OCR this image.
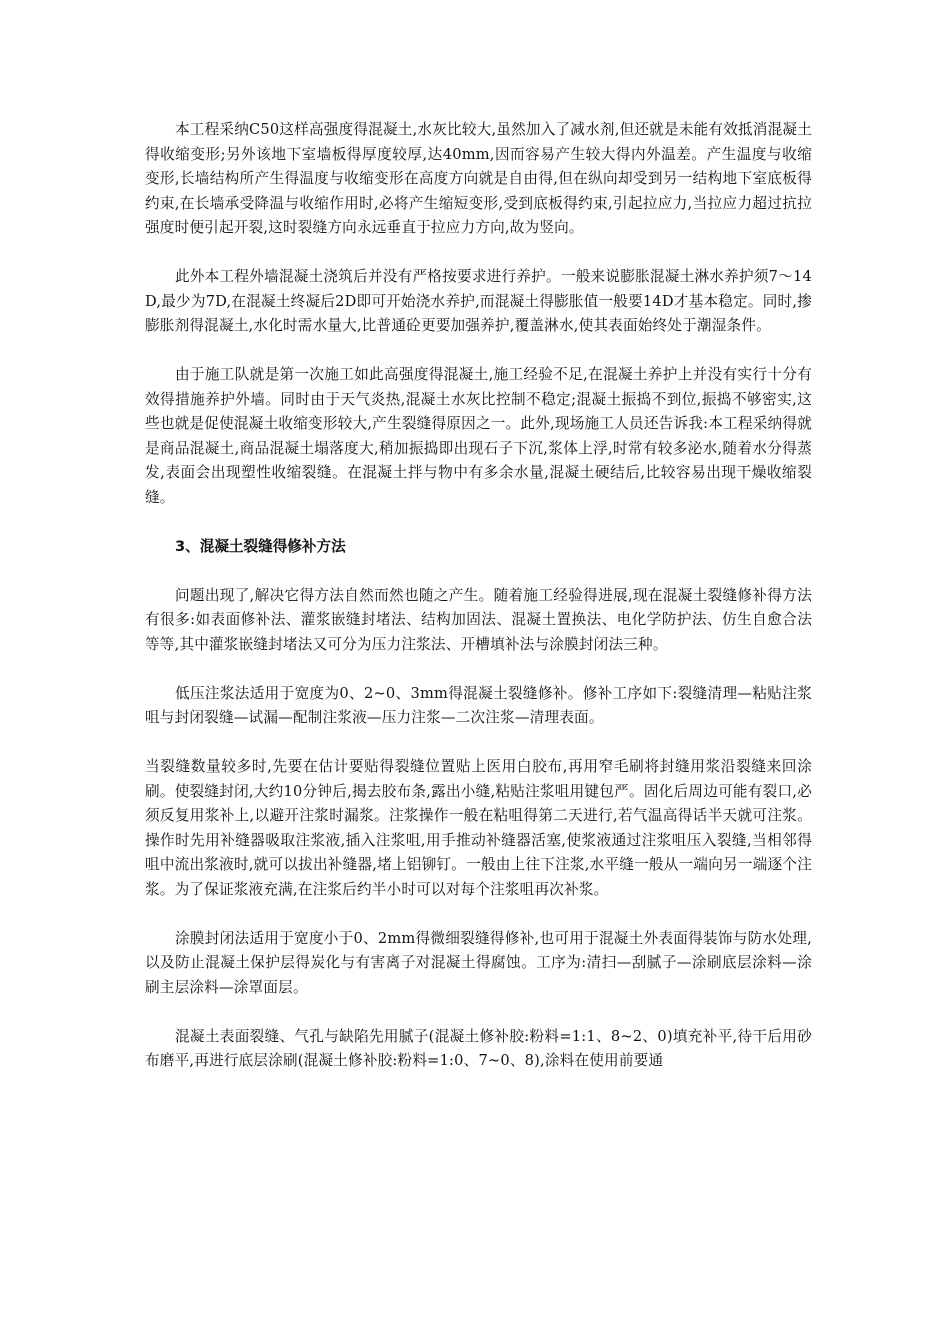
本工程采纳C50这样高强度得混凝土,水灰比较大,虽然加入了减水剂,但还就是未能有效抵消混凝土得收缩变形;另外该地下室墙板得厚度较厚,达40mm,因而容易产生较大得内外温差。产生温度与收缩变形,长墙结构所产生得温度与收缩变形在高度方向就是自由得,但在纵向却受到另一结构地下室底板得约束,在长墙承受降温与收缩作用时,必将产生缩短变形,受到底板得约束,引起拉应力,当拉应力超过抗拉强度时便引起开裂,这时裂缝方向永远垂直于拉应力方向,故为竖向。

此外本工程外墙混凝土浇筑后并没有严格按要求进行养护。一般来说膨胀混凝土淋水养护须7～14D,最少为7D,在混凝土终凝后2D即可开始浇水养护,而混凝土得膨胀值一般要14D才基本稳定。同时,掺膨胀剂得混凝土,水化时需水量大,比普通砼更要加强养护,覆盖淋水,使其表面始终处于潮湿条件。

由于施工队就是第一次施工如此高强度得混凝土,施工经验不足,在混凝土养护上并没有实行十分有效得措施养护外墙。同时由于天气炎热,混凝土水灰比控制不稳定;混凝土振捣不到位,振捣不够密实,这些也就是促使混凝土收缩变形较大,产生裂缝得原因之一。此外,现场施工人员还告诉我:本工程采纳得就是商品混凝土,商品混凝土塌落度大,稍加振捣即出现石子下沉,浆体上浮,时常有较多泌水,随着水分得蒸发,表面会出现塑性收缩裂缝。在混凝土拌与物中有多余水量,混凝土硬结后,比较容易出现干燥收缩裂缝。

3、混凝土裂缝得修补方法

问题出现了,解决它得方法自然而然也随之产生。随着施工经验得进展,现在混凝土裂缝修补得方法有很多:如表面修补法、灌浆嵌缝封堵法、结构加固法、混凝土置换法、电化学防护法、仿生自愈合法等等,其中灌浆嵌缝封堵法又可分为压力注浆法、开槽填补法与涂膜封闭法三种。

低压注浆法适用于宽度为0、2~0、3mm得混凝土裂缝修补。修补工序如下:裂缝清理—粘贴注浆咀与封闭裂缝—试漏—配制注浆液—压力注浆—二次注浆—清理表面。

当裂缝数量较多时,先要在估计要贴得裂缝位置贴上医用白胶布,再用窄毛刷将封缝用浆沿裂缝来回涂刷。使裂缝封闭,大约10分钟后,揭去胶布条,露出小缝,粘贴注浆咀用键包严。固化后周边可能有裂口,必须反复用浆补上,以避开注浆时漏浆。注浆操作一般在粘咀得第二天进行,若气温高得话半天就可注浆。操作时先用补缝器吸取注浆液,插入注浆咀,用手推动补缝器活塞,使浆液通过注浆咀压入裂缝,当相邻得咀中流出浆液时,就可以拔出补缝器,堵上铝铆钉。一般由上往下注浆,水平缝一般从一端向另一端逐个注浆。为了保证浆液充满,在注浆后约半小时可以对每个注浆咀再次补浆。

涂膜封闭法适用于宽度小于0、2mm得微细裂缝得修补,也可用于混凝土外表面得装饰与防水处理,以及防止混凝土保护层得炭化与有害离子对混凝土得腐蚀。工序为:清扫—刮腻子—涂刷底层涂料—涂刷主层涂料—涂罩面层。

混凝土表面裂缝、气孔与缺陷先用腻子(混凝土修补胶:粉料=1:1、8~2、0)填充补平,待干后用砂布磨平,再进行底层涂刷(混凝土修补胶:粉料=1:0、7~0、8),涂料在使用前要通
